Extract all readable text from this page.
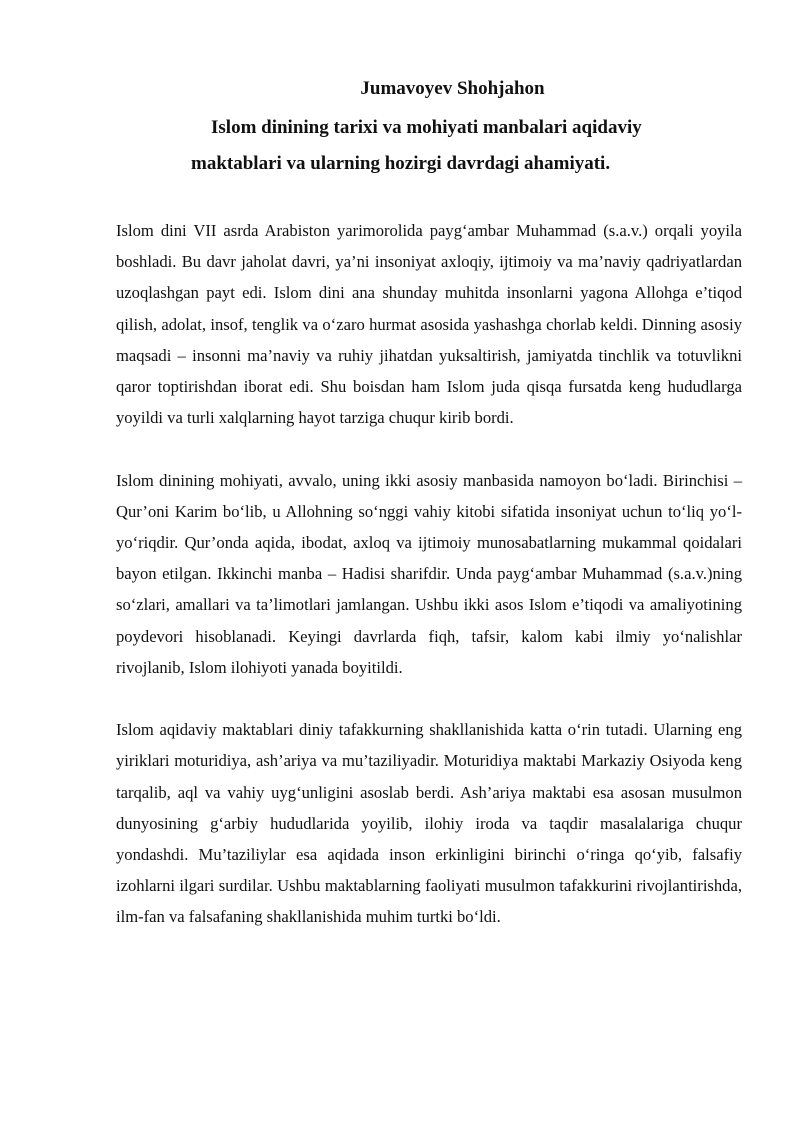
Jumavoyev Shohjahon
Islom dinining tarixi va mohiyati manbalari aqidaviy
maktablari va ularning hozirgi davrdagi ahamiyati.

Islom dini VII asrda Arabiston yarimorolida payg‘ambar Muhammad (s.a.v.) orqali yoyila boshladi. Bu davr jaholat davri, ya’ni insoniyat axloqiy, ijtimoiy va ma’naviy qadriyatlardan uzoqlashgan payt edi. Islom dini ana shunday muhitda insonlarni yagona Allohga e’tiqod qilish, adolat, insof, tenglik va o‘zaro hurmat asosida yashashga chorlab keldi. Dinning asosiy maqsadi – insonni ma’naviy va ruhiy jihatdan yuksaltirish, jamiyatda tinchlik va totuvlikni qaror toptirishdan iborat edi. Shu boisdan ham Islom juda qisqa fursatda keng hududlarga yoyildi va turli xalqlarning hayot tarziga chuqur kirib bordi.

Islom dinining mohiyati, avvalo, uning ikki asosiy manbasida namoyon bo‘ladi. Birinchisi – Qur’oni Karim bo‘lib, u Allohning so‘nggi vahiy kitobi sifatida insoniyat uchun to‘liq yo‘l-yo‘riqdir. Qur’onda aqida, ibodat, axloq va ijtimoiy munosabatlarning mukammal qoidalari bayon etilgan. Ikkinchi manba – Hadisi sharifdir. Unda payg‘ambar Muhammad (s.a.v.)ning so‘zlari, amallari va ta’limotlari jamlangan. Ushbu ikki asos Islom e’tiqodi va amaliyotining poydevori hisoblanadi. Keyingi davrlarda fiqh, tafsir, kalom kabi ilmiy yo‘nalishlar rivojlanib, Islom ilohiyoti yanada boyitildi.

Islom aqidaviy maktablari diniy tafakkurning shakllanishida katta o‘rin tutadi. Ularning eng yiriklari moturidiya, ash’ariya va mu’taziliyadir. Moturidiya maktabi Markaziy Osiyoda keng tarqalib, aql va vahiy uyg‘unligini asoslab berdi. Ash’ariya maktabi esa asosan musulmon dunyosining g‘arbiy hududlarida yoyilib, ilohiy iroda va taqdir masalalariga chuqur yondashdi. Mu’taziliylar esa aqidada inson erkinligini birinchi o‘ringa qo‘yib, falsafiy izohlarni ilgari surdilar. Ushbu maktablarning faoliyati musulmon tafakkurini rivojlantirishda, ilm-fan va falsafaning shakllanishida muhim turtki bo‘ldi.
